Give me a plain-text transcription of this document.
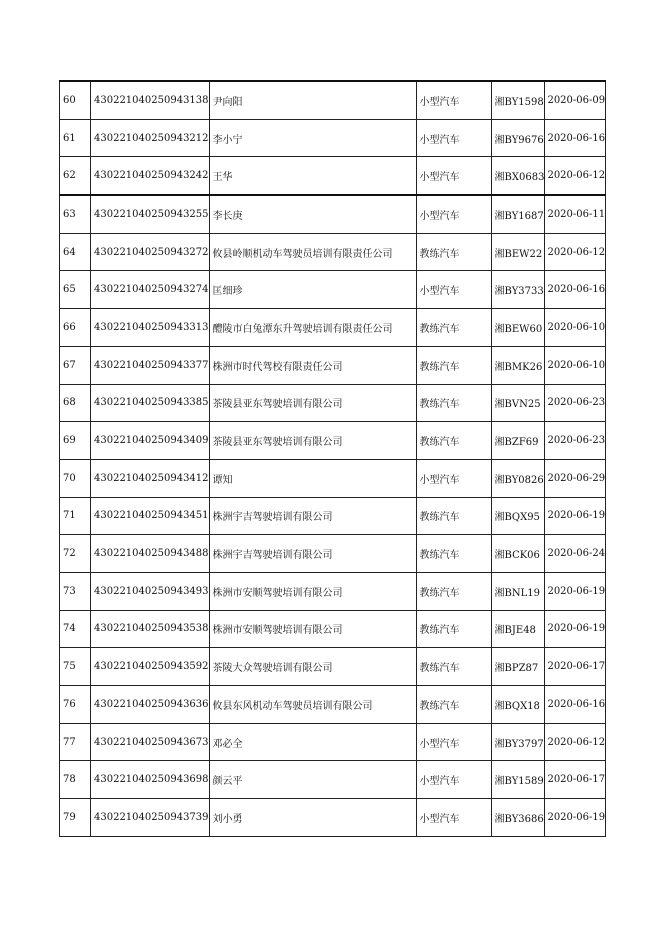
60	430221040250943138	尹向阳	小型汽车	湘BY1598	2020-06-09
61	430221040250943212	李小宁	小型汽车	湘BY9676	2020-06-16
62	430221040250943242	王华	小型汽车	湘BX0683	2020-06-12
63	430221040250943255	李长庚	小型汽车	湘BY1687	2020-06-11
64	430221040250943272	攸县岭顺机动车驾驶员培训有限责任公司	教练汽车	湘BEW22	2020-06-12
65	430221040250943274	匡细珍	小型汽车	湘BY3733	2020-06-16
66	430221040250943313	醴陵市白兔潭东升驾驶培训有限责任公司	教练汽车	湘BEW60	2020-06-10
67	430221040250943377	株洲市时代驾校有限责任公司	教练汽车	湘BMK26	2020-06-10
68	430221040250943385	茶陵县亚东驾驶培训有限公司	教练汽车	湘BVN25	2020-06-23
69	430221040250943409	茶陵县亚东驾驶培训有限公司	教练汽车	湘BZF69	2020-06-23
70	430221040250943412	谭知	小型汽车	湘BY0826	2020-06-29
71	430221040250943451	株洲宇吉驾驶培训有限公司	教练汽车	湘BQX95	2020-06-19
72	430221040250943488	株洲宇吉驾驶培训有限公司	教练汽车	湘BCK06	2020-06-24
73	430221040250943493	株洲市安顺驾驶培训有限公司	教练汽车	湘BNL19	2020-06-19
74	430221040250943538	株洲市安顺驾驶培训有限公司	教练汽车	湘BJE48	2020-06-19
75	430221040250943592	茶陵大众驾驶培训有限公司	教练汽车	湘BPZ87	2020-06-17
76	430221040250943636	攸县东风机动车驾驶员培训有限公司	教练汽车	湘BQX18	2020-06-16
77	430221040250943673	邓必全	小型汽车	湘BY3797	2020-06-12
78	430221040250943698	颜云平	小型汽车	湘BY1589	2020-06-17
79	430221040250943739	刘小勇	小型汽车	湘BY3686	2020-06-19
